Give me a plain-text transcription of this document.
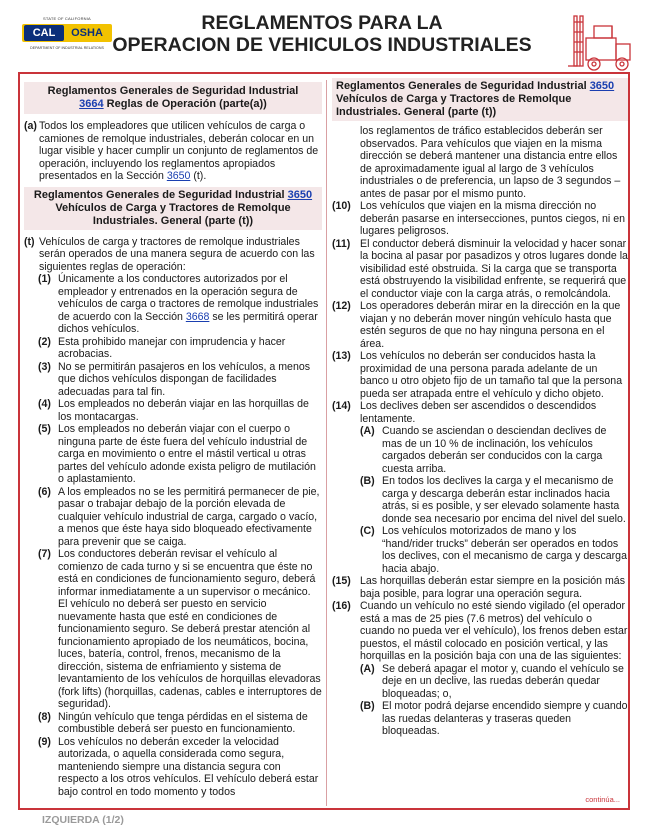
STATE OF CALIFORNIA
CAL	OSHA
DEPARTMENT OF INDUSTRIAL RELATIONS
REGLAMENTOS PARA LA
OPERACION DE VEHICULOS INDUSTRIALES
Reglamentos Generales de Seguridad Industrial
3664 Reglas de Operación (parte(a))
(a) Todos los empleadores que utilicen vehículos de carga o camiones de remolque industriales, deberán colocar en un lugar visible y hacer cumplir un conjunto de reglamentos de operación, incluyendo los reglamentos apropiados presentados en la Sección 3650 (t).
Reglamentos Generales de Seguridad Industrial 3650 Vehículos de Carga y Tractores de Remolque Industriales. General (parte (t))
(t) Vehículos de carga y tractores de remolque industriales serán operados de una manera segura de acuerdo con las siguientes reglas de operación:
(1) Únicamente a los conductores autorizados por el empleador y entrenados en la operación segura de vehículos de carga o tractores de remolque industriales de acuerdo con la Sección 3668 se les permitirá operar dichos vehículos.
(2) Esta prohibido manejar con imprudencia y hacer acrobacias.
(3) No se permitirán pasajeros en los vehículos, a menos que dichos vehículos dispongan de facilidades adecuadas para tal fin.
(4) Los empleados no deberán viajar en las horquillas de los montacargas.
(5) Los empleados no deberán viajar con el cuerpo o ninguna parte de éste fuera del vehículo industrial de carga en movimiento o entre el mástil vertical u otras partes del vehículo adonde exista peligro de mutilación o aplastamiento.
(6) A los empleados no se les permitirá permanecer de pie, pasar o trabajar debajo de la porción elevada de cualquier vehículo industrial de carga, cargado o vacío, a menos que éste haya sido bloqueado efectivamente para prevenir que se caiga.
(7) Los conductores deberán revisar el vehículo al comienzo de cada turno y si se encuentra que éste no está en condiciones de funcionamiento seguro, deberá informar inmediatamente a un supervisor o mecánico. El vehículo no deberá ser puesto en servicio nuevamente hasta que esté en condiciones de funcionamiento seguro. Se deberá prestar atención al funcionamiento apropiado de los neumáticos, bocina, luces, batería, control, frenos, mecanismo de la dirección, sistema de enfriamiento y sistema de levantamiento de los vehículos de horquillas elevadoras (fork lifts) (horquillas, cadenas, cables e interruptores de seguridad).
(8) Ningún vehículo que tenga pérdidas en el sistema de combustible deberá ser puesto en funcionamiento.
(9) Los vehículos no deberán exceder la velocidad autorizada, o aquella considerada como segura, manteniendo siempre una distancia segura con respecto a los otros vehículos. El vehículo deberá estar bajo control en todo momento y todos
Reglamentos Generales de Seguridad Industrial 3650 Vehículos de Carga y Tractores de Remolque Industriales. General (parte (t))
los reglamentos de tráfico establecidos deberán ser observados. Para vehículos que viajen en la misma dirección se deberá mantener una distancia entre ellos de aproximadamente igual al largo de 3 vehículos industriales o de preferencia, un lapso de 3 segundos – antes de pasar por el mismo punto.
(10) Los vehículos que viajen en la misma dirección no deberán pasarse en intersecciones, puntos ciegos, ni en lugares peligrosos.
(11) El conductor deberá disminuir la velocidad y hacer sonar la bocina al pasar por pasadizos y otros lugares donde la visibilidad esté obstruida. Si la carga que se transporta está obstruyendo la visibilidad enfrente, se requerirá que el conductor viaje con la carga atrás, o remolcándola.
(12) Los operadores deberán mirar en la dirección en la que viajan y no deberán mover ningún vehículo hasta que estén seguros de que no hay ninguna persona en el área.
(13) Los vehículos no deberán ser conducidos hasta la proximidad de una persona parada adelante de un banco u otro objeto fijo de un tamaño tal que la persona pueda ser atrapada entre el vehículo y dicho objeto.
(14) Los declives deben ser ascendidos o descendidos lentamente.
(A) Cuando se asciendan o desciendan declives de mas de un 10 % de inclinación, los vehículos cargados deberán ser conducidos con la carga cuesta arriba.
(B) En todos los declives la carga y el mecanismo de carga y descarga deberán estar inclinados hacia atrás, si es posible, y ser elevado solamente hasta donde sea necesario por encima del nivel del suelo.
(C) Los vehículos motorizados de mano y los “hand/rider trucks” deberán ser operados en todos los declives, con el mecanismo de carga y descarga hacia abajo.
(15) Las horquillas deberán estar siempre en la posición más baja posible, para lograr una operación segura.
(16) Cuando un vehículo no esté siendo vigilado (el operador está a mas de 25 pies (7.6 metros) del vehículo o cuando no pueda ver el vehículo), los frenos deben estar puestos, el mástil colocado en posición vertical, y las horquillas en la posición baja con una de las siguientes:
(A) Se deberá apagar el motor y, cuando el vehículo se deje en un declive, las ruedas deberán quedar bloqueadas; o,
(B) El motor podrá dejarse encendido siempre y cuando las ruedas delanteras y traseras queden bloqueadas.
continúa...
IZQUIERDA (1/2)
